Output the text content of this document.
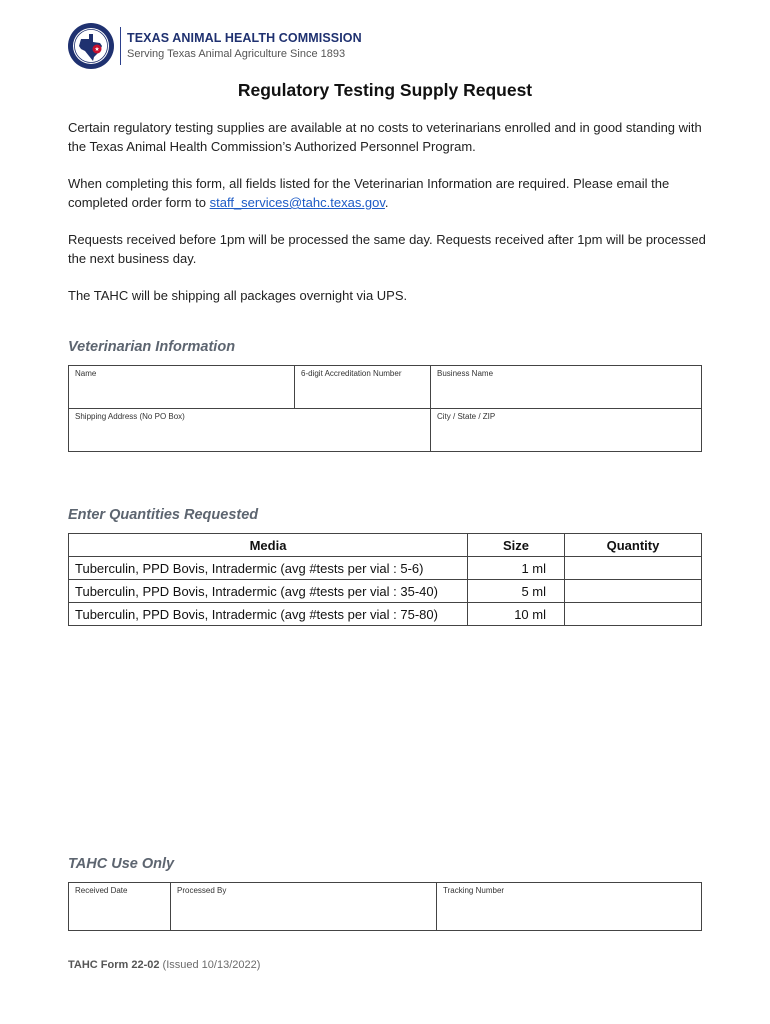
TEXAS ANIMAL HEALTH COMMISSION
Serving Texas Animal Agriculture Since 1893
Regulatory Testing Supply Request

Certain regulatory testing supplies are available at no costs to veterinarians enrolled and in good standing with the Texas Animal Health Commission’s Authorized Personnel Program.

When completing this form, all fields listed for the Veterinarian Information are required. Please email the completed order form to staff_services@tahc.texas.gov.

Requests received before 1pm will be processed the same day. Requests received after 1pm will be processed the next business day.

The TAHC will be shipping all packages overnight via UPS.

Veterinarian Information
Name	6-digit Accreditation Number	Business Name
Shipping Address (No PO Box)	City / State / ZIP
Enter Quantities Requested
Media	Size	Quantity
Tuberculin, PPD Bovis, Intradermic (avg #tests per vial : 5-6)	1 ml	
Tuberculin, PPD Bovis, Intradermic (avg #tests per vial : 35-40)	5 ml	
Tuberculin, PPD Bovis, Intradermic (avg #tests per vial : 75-80)	10 ml	
TAHC Use Only
Received Date	Processed By	Tracking Number
TAHC Form 22-02 (Issued 10/13/2022)
